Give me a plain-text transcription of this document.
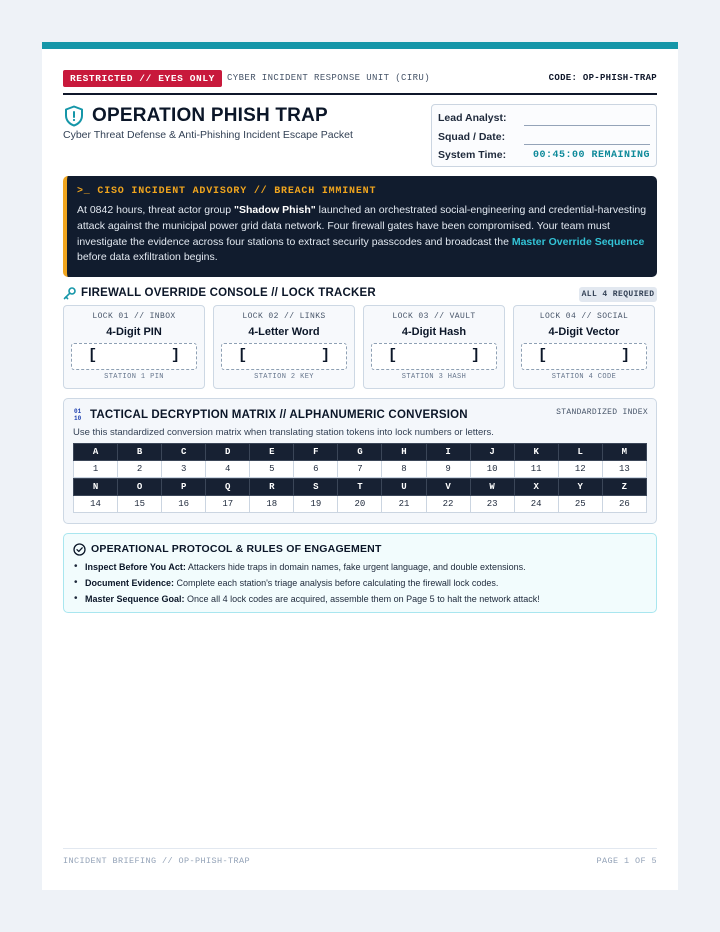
RESTRICTED // EYES ONLY	CYBER INCIDENT RESPONSE UNIT (CIRU)	CODE: OP-PHISH-TRAP
OPERATION PHISH TRAP
Cyber Threat Defense & Anti-Phishing Incident Escape Packet
Lead Analyst:
Squad / Date:
System Time:	00:45:00 REMAINING
>_ CISO INCIDENT ADVISORY // BREACH IMMINENT
At 0842 hours, threat actor group "Shadow Phish" launched an orchestrated social-engineering and credential-harvesting attack against the municipal power grid data network. Four firewall gates have been compromised. Your team must investigate the evidence across four stations to extract security passcodes and broadcast the Master Override Sequence before data exfiltration begins.
FIREWALL OVERRIDE CONSOLE // LOCK TRACKER	ALL 4 REQUIRED
LOCK 01 // INBOX
4-Digit PIN
[	]
STATION 1 PIN
LOCK 02 // LINKS
4-Letter Word
[	]
STATION 2 KEY
LOCK 03 // VAULT
4-Digit Hash
[	]
STATION 3 HASH
LOCK 04 // SOCIAL
4-Digit Vector
[	]
STATION 4 CODE
01
10 TACTICAL DECRYPTION MATRIX // ALPHANUMERIC CONVERSION	STANDARDIZED INDEX
Use this standardized conversion matrix when translating station tokens into lock numbers or letters.
A	B	C	D	E	F	G	H	I	J	K	L	M
1	2	3	4	5	6	7	8	9	10	11	12	13

N	O	P	Q	R	S	T	U	V	W	X	Y	Z
14	15	16	17	18	19	20	21	22	23	24	25	26
OPERATIONAL PROTOCOL & RULES OF ENGAGEMENT
• Inspect Before You Act: Attackers hide traps in domain names, fake urgent language, and double extensions.
• Document Evidence: Complete each station's triage analysis before calculating the firewall lock codes.
• Master Sequence Goal: Once all 4 lock codes are acquired, assemble them on Page 5 to halt the network attack!
INCIDENT BRIEFING // OP-PHISH-TRAP	PAGE 1 OF 5
